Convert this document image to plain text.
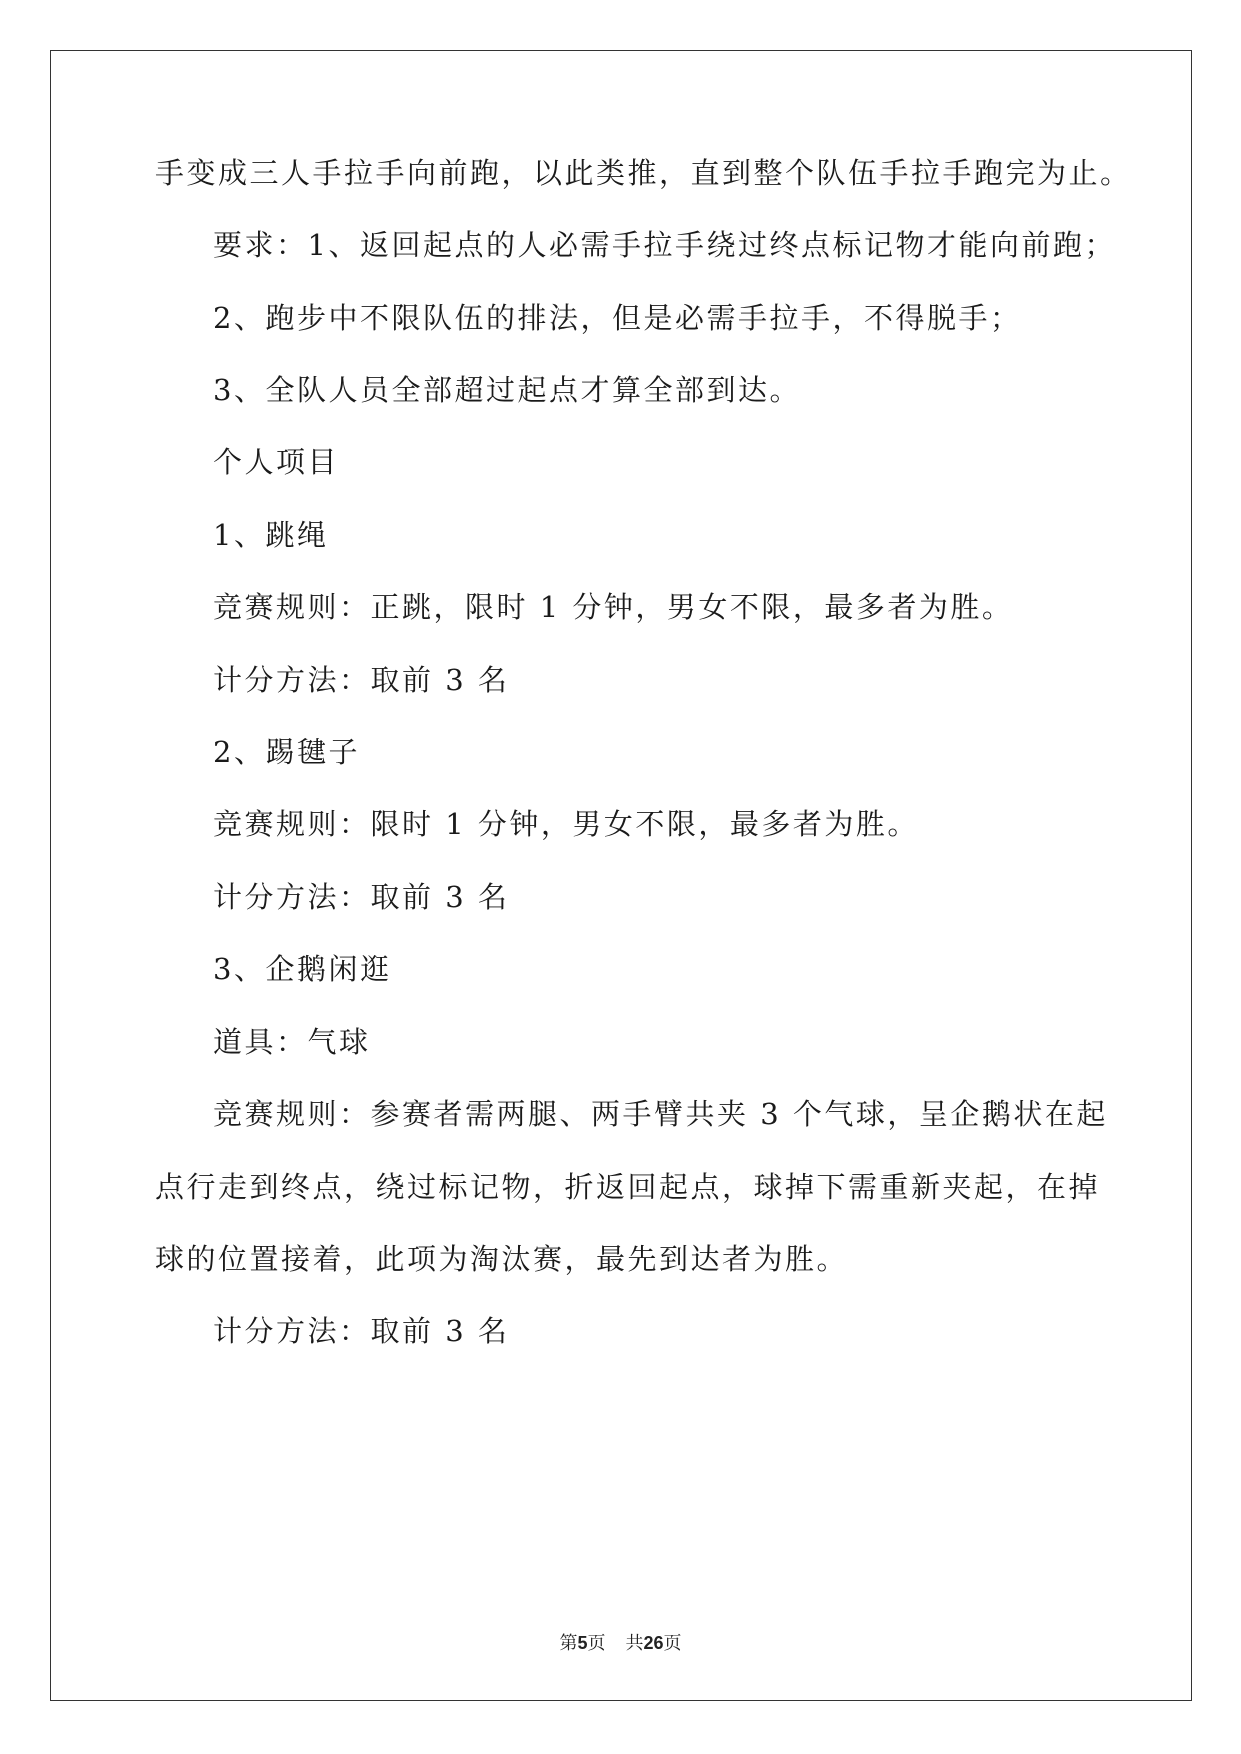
手变成三人手拉手向前跑，以此类推，直到整个队伍手拉手跑完为止。
要求：1、返回起点的人必需手拉手绕过终点标记物才能向前跑；
2、跑步中不限队伍的排法，但是必需手拉手，不得脱手；
3、全队人员全部超过起点才算全部到达。
个人项目
1、跳绳
竞赛规则：正跳，限时 1 分钟，男女不限，最多者为胜。
计分方法：取前 3 名
2、踢毽子
竞赛规则：限时 1 分钟，男女不限，最多者为胜。
计分方法：取前 3 名
3、企鹅闲逛
道具：气球
竞赛规则：参赛者需两腿、两手臂共夹 3 个气球，呈企鹅状在起
点行走到终点，绕过标记物，折返回起点，球掉下需重新夹起，在掉
球的位置接着，此项为淘汰赛，最先到达者为胜。
计分方法：取前 3 名
第5页 共26页
